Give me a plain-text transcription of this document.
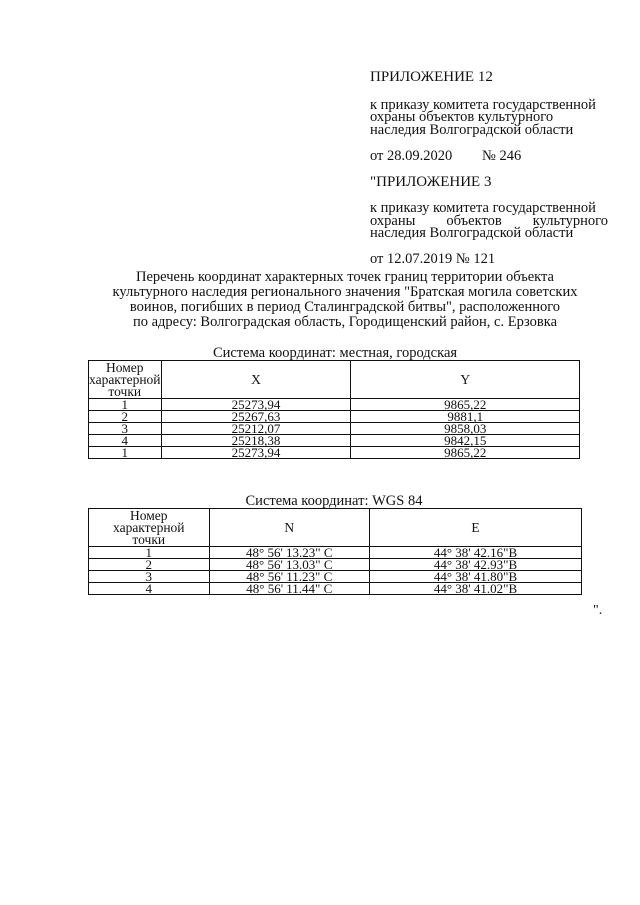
ПРИЛОЖЕНИЕ 12
к приказу комитета государственной
охраны объектов культурного
наследия Волгоградской области
от 28.09.2020 № 246
"ПРИЛОЖЕНИЕ 3
к приказу комитета государственной
охраны объектов культурного
наследия Волгоградской области
от 12.07.2019 № 121
Перечень координат характерных точек границ территории объекта
культурного наследия регионального значения "Братская могила советских
воинов, погибших в период Сталинградской битвы", расположенного
по адресу: Волгоградская область, Городищенский район, с. Ерзовка
Система координат: местная, городская
Номер характерной точки	X	Y
1	25273,94	9865,22
2	25267,63	9881,1
3	25212,07	9858,03
4	25218,38	9842,15
1	25273,94	9865,22
Система координат: WGS 84
Номер характерной точки	N	E
1	48° 56' 13.23" С	44° 38' 42.16"В
2	48° 56' 13.03" С	44° 38' 42.93"В
3	48° 56' 11.23" С	44° 38' 41.80"В
4	48° 56' 11.44" С	44° 38' 41.02"В
".
